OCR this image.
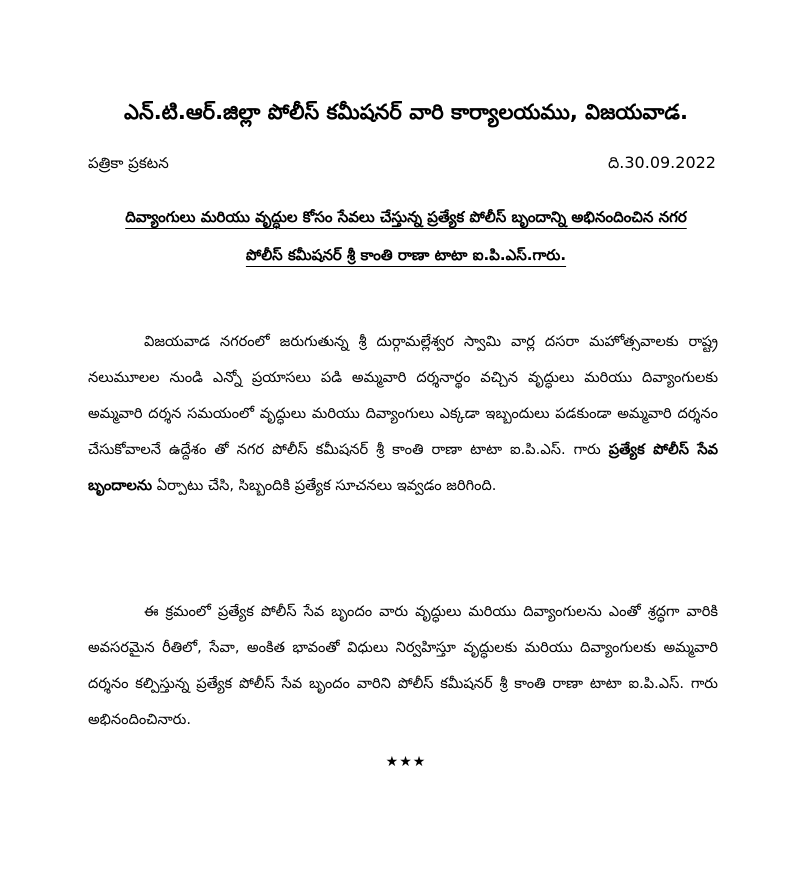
ఎన్.టి.ఆర్.జిల్లా పోలీస్ కమీషనర్ వారి కార్యాలయము, విజయవాడ.
పత్రికా ప్రకటన	ది.30.09.2022
దివ్యాంగులు మరియు వృద్ధుల కోసం సేవలు చేస్తున్న ప్రత్యేక పోలీస్ బృందాన్ని అభినందించిన నగర
పోలీస్ కమీషనర్ శ్రీ కాంతి రాణా టాటా ఐ.పి.ఎస్.గారు.

విజయవాడ నగరంలో జరుగుతున్న శ్రీ దుర్గామల్లేశ్వర స్వామి వార్ల దసరా మహోత్సవాలకు రాష్ట్ర నలుమూలల నుండి ఎన్నో ప్రయాసలు పడి అమ్మవారి దర్శనార్థం వచ్చిన వృద్ధులు మరియు దివ్యాంగులకు అమ్మవారి దర్శన సమయంలో వృద్ధులు మరియు దివ్యాంగులు ఎక్కడా ఇబ్బందులు పడకుండా అమ్మవారి దర్శనం చేసుకోవాలనే ఉద్దేశం తో నగర పోలీస్ కమీషనర్ శ్రీ కాంతి రాణా టాటా ఐ.పి.ఎస్. గారు ప్రత్యేక పోలీస్ సేవ బృందాలను ఏర్పాటు చేసి, సిబ్బందికి ప్రత్యేక సూచనలు ఇవ్వడం జరిగింది.

ఈ క్రమంలో ప్రత్యేక పోలీస్ సేవ బృందం వారు వృద్ధులు మరియు దివ్యాంగులను ఎంతో శ్రద్ధగా వారికి అవసరమైన రీతిలో, సేవా, అంకిత భావంతో విధులు నిర్వహిస్తూ వృద్ధులకు మరియు దివ్యాంగులకు అమ్మవారి దర్శనం కల్పిస్తున్న ప్రత్యేక పోలీస్ సేవ బృందం వారిని పోలీస్ కమీషనర్ శ్రీ కాంతి రాణా టాటా ఐ.పి.ఎస్. గారు అభినందించినారు.

★★★
